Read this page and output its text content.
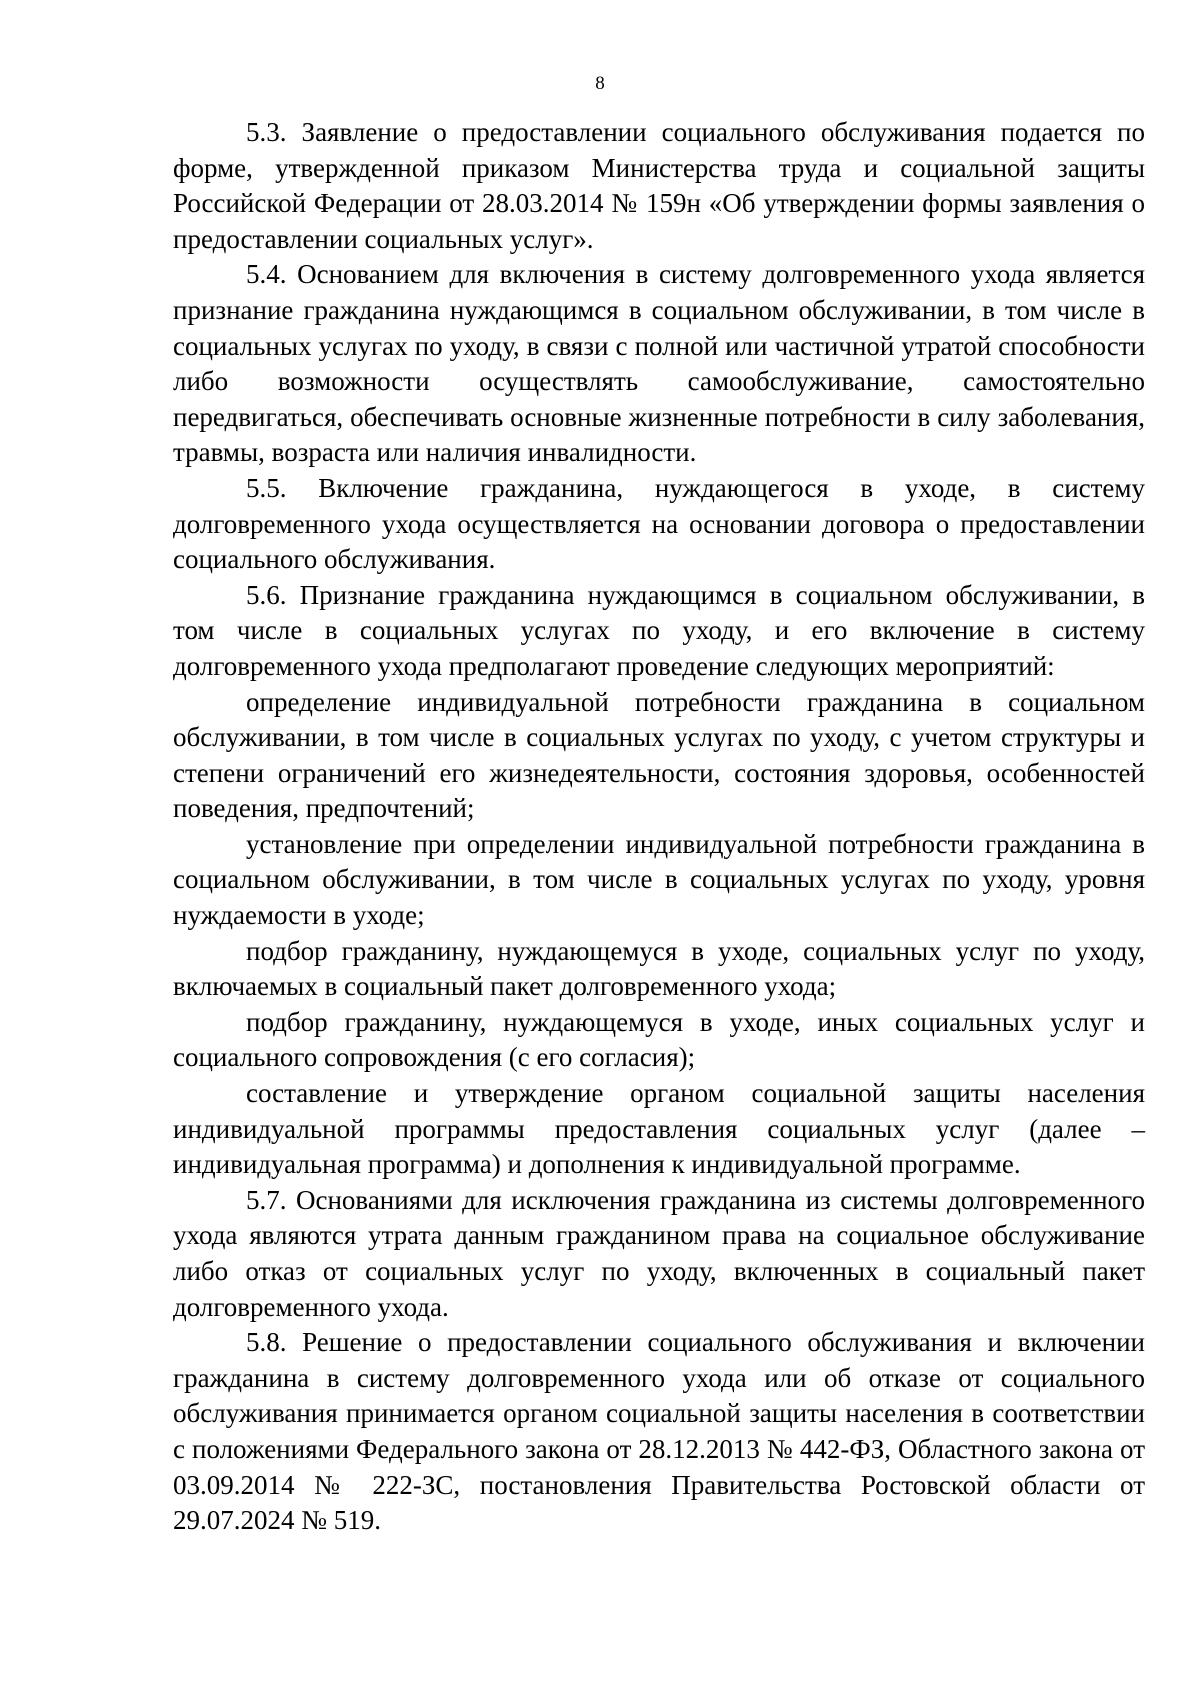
8

5.3. Заявление о предоставлении социального обслуживания подается по форме, утвержденной приказом Министерства труда и социальной защиты Российской Федерации от 28.03.2014 № 159н «Об утверждении формы заявления о предоставлении социальных услуг».

5.4. Основанием для включения в систему долговременного ухода является признание гражданина нуждающимся в социальном обслуживании, в том числе в социальных услугах по уходу, в связи с полной или частичной утратой способности либо возможности осуществлять самообслуживание, самостоятельно передвигаться, обеспечивать основные жизненные потребности в силу заболевания, травмы, возраста или наличия инвалидности.

5.5. Включение гражданина, нуждающегося в уходе, в систему долговременного ухода осуществляется на основании договора о предоставлении социального обслуживания.

5.6. Признание гражданина нуждающимся в социальном обслуживании, в том числе в социальных услугах по уходу, и его включение в систему долговременного ухода предполагают проведение следующих мероприятий:

определение индивидуальной потребности гражданина в социальном обслуживании, в том числе в социальных услугах по уходу, с учетом структуры и степени ограничений его жизнедеятельности, состояния здоровья, особенностей поведения, предпочтений;

установление при определении индивидуальной потребности гражданина в социальном обслуживании, в том числе в социальных услугах по уходу, уровня нуждаемости в уходе;

подбор гражданину, нуждающемуся в уходе, социальных услуг по уходу, включаемых в социальный пакет долговременного ухода;

подбор гражданину, нуждающемуся в уходе, иных социальных услуг и социального сопровождения (с его согласия);

составление и утверждение органом социальной защиты населения индивидуальной программы предоставления социальных услуг (далее – индивидуальная программа) и дополнения к индивидуальной программе.

5.7. Основаниями для исключения гражданина из системы долговременного ухода являются утрата данным гражданином права на социальное обслуживание либо отказ от социальных услуг по уходу, включенных в социальный пакет долговременного ухода.

5.8. Решение о предоставлении социального обслуживания и включении гражданина в систему долговременного ухода или об отказе от социального обслуживания принимается органом социальной защиты населения в соответствии с положениями Федерального закона от 28.12.2013 № 442-ФЗ, Областного закона от 03.09.2014 № 222-ЗС, постановления Правительства Ростовской области от 29.07.2024 № 519.
